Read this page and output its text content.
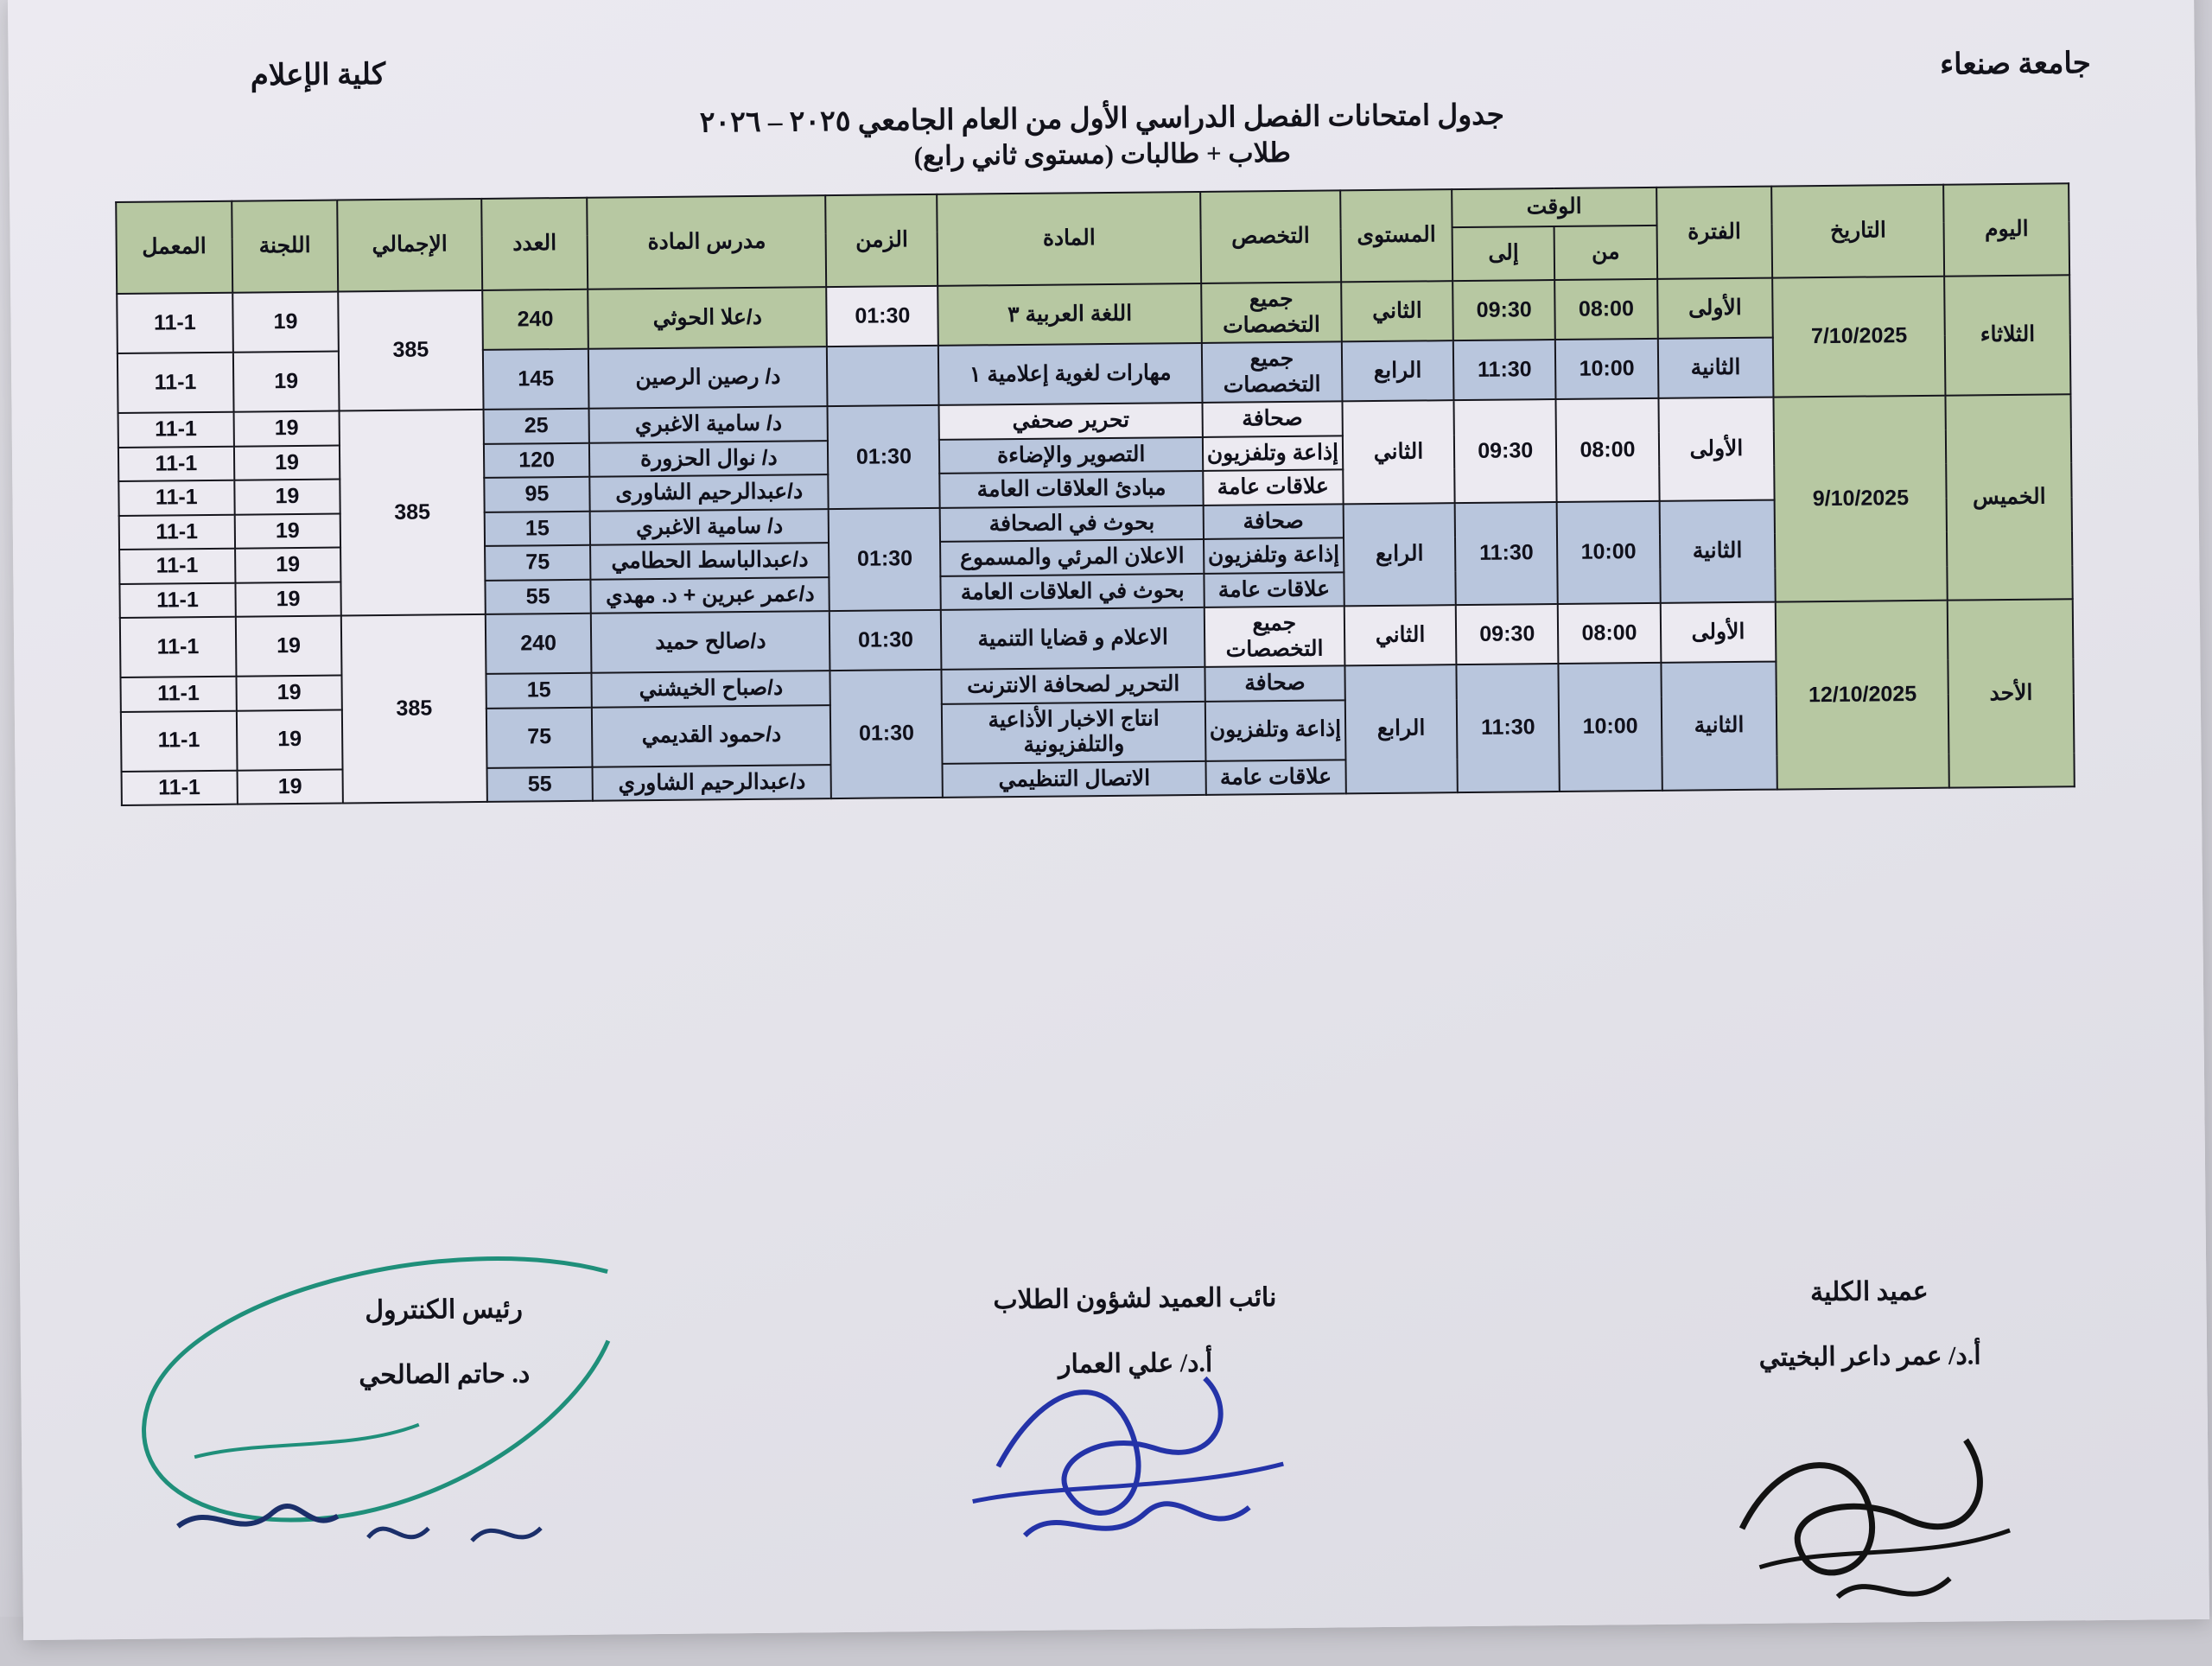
جامعة صنعاء
كلية الإعلام
جدول امتحانات الفصل الدراسي الأول من العام الجامعي ٢٠٢٥ – ٢٠٢٦
طلاب + طالبات (مستوى ثاني رابع)
اليوم	التاريخ	الفترة	الوقت		المستوى	التخصص	المادة	الزمن	مدرس المادة	العدد	الإجمالي	اللجنة	المعمل
			من	إلى									
الثلاثاء	7/10/2025	الأولى	08:00	09:30	الثاني	جميع التخصصات	اللغة العربية ٣	01:30	د/علا الحوثي	240	385	19	11-1
		الثانية	10:00	11:30	الرابع	جميع التخصصات	مهارات لغوية إعلامية ١		د/ رصين الرصين	145		19	11-1
الخميس	9/10/2025	الأولى	08:00	09:30	الثاني	صحافة	تحرير صحفي	01:30	د/ سامية الاغبري	25	385	19	11-1
						إذاعة وتلفزيون	التصوير والإضاءة		د/ نوال الحزورة	120		19	11-1
						علاقات عامة	مبادئ العلاقات العامة		د/عبدالرحيم الشاورى	95		19	11-1
		الثانية	10:00	11:30	الرابع	صحافة	بحوث في الصحافة	01:30	د/ سامية الاغبري	15		19	11-1
						إذاعة وتلفزيون	الاعلان المرئي والمسموع		د/عبدالباسط الحطامي	75		19	11-1
						علاقات عامة	بحوث في العلاقات العامة		د/عمر عبرين + د. مهدي	55		19	11-1
الأحد	12/10/2025	الأولى	08:00	09:30	الثاني	جميع التخصصات	الاعلام و قضايا التنمية	01:30	د/صالح حميد	240	385	19	11-1
		الثانية	10:00	11:30	الرابع	صحافة	التحرير لصحافة الانترنت	01:30	د/صباح الخيشني	15		19	11-1
						إذاعة وتلفزيون	انتاج الاخبار الأذاعية والتلفزيونية		د/حمود القديمي	75		19	11-1
						علاقات عامة	الاتصال التنظيمي		د/عبدالرحيم الشاوري	55		19	11-1
عميد الكلية
أ.د/ عمر داعر البخيتي
نائب العميد لشؤون الطلاب
أ.د/ علي العمار
رئيس الكنترول
د. حاتم الصالحي
